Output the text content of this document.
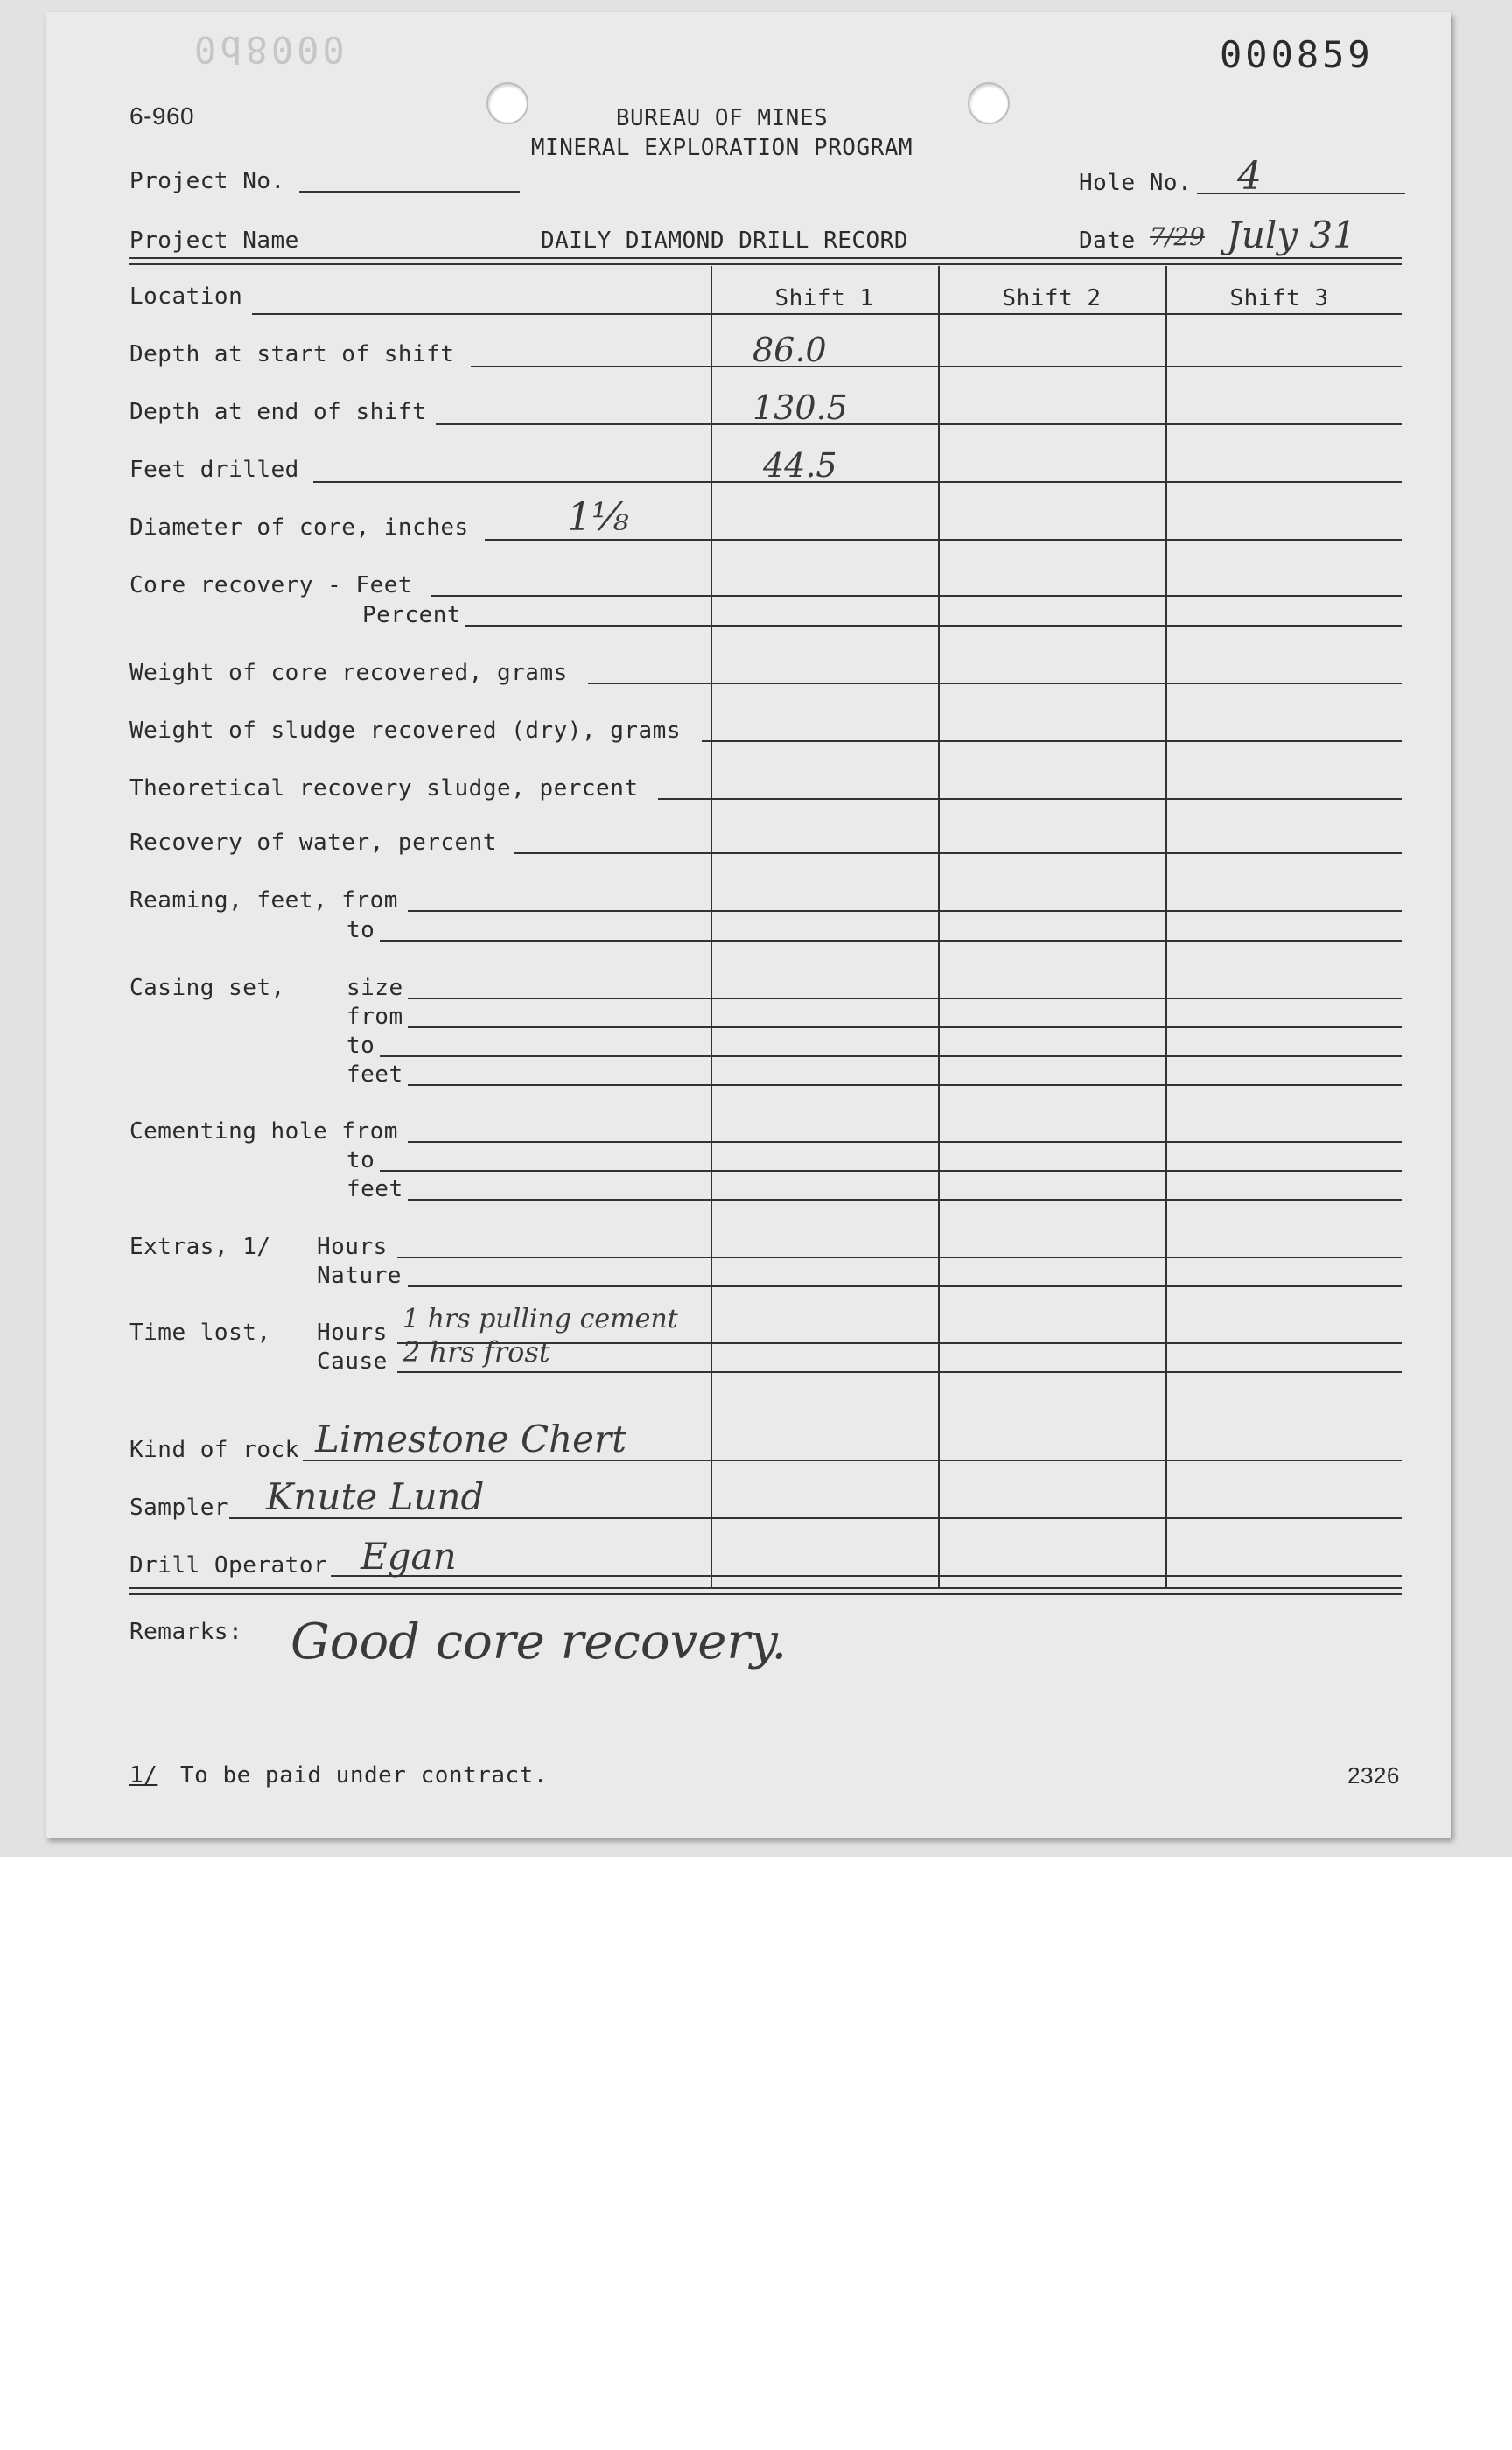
0d8000	000859
6-960	BUREAU OF MINES
MINERAL EXPLORATION PROGRAM
Project No.	Hole No. 4
Project Name	DAILY DIAMOND DRILL RECORD	Date 7/29 July 31
Location	Shift 1	Shift 2	Shift 3
Depth at start of shift	86.0
Depth at end of shift	130.5
Feet drilled	44.5
Diameter of core, inches	1⅛
Core recovery - Feet
Percent
Weight of core recovered, grams
Weight of sludge recovered (dry), grams
Theoretical recovery sludge, percent
Recovery of water, percent
Reaming, feet, from
to
Casing set,	size
from
to
feet
Cementing hole from
to
feet
Extras, 1/ Hours
Nature
Time lost, Hours 1 hrs pulling cement
Cause 2 hrs frost
Kind of rock Limestone Chert
Sampler Knute Lund
Drill Operator Egan
Remarks: Good core recovery.
1/ To be paid under contract.	2326
